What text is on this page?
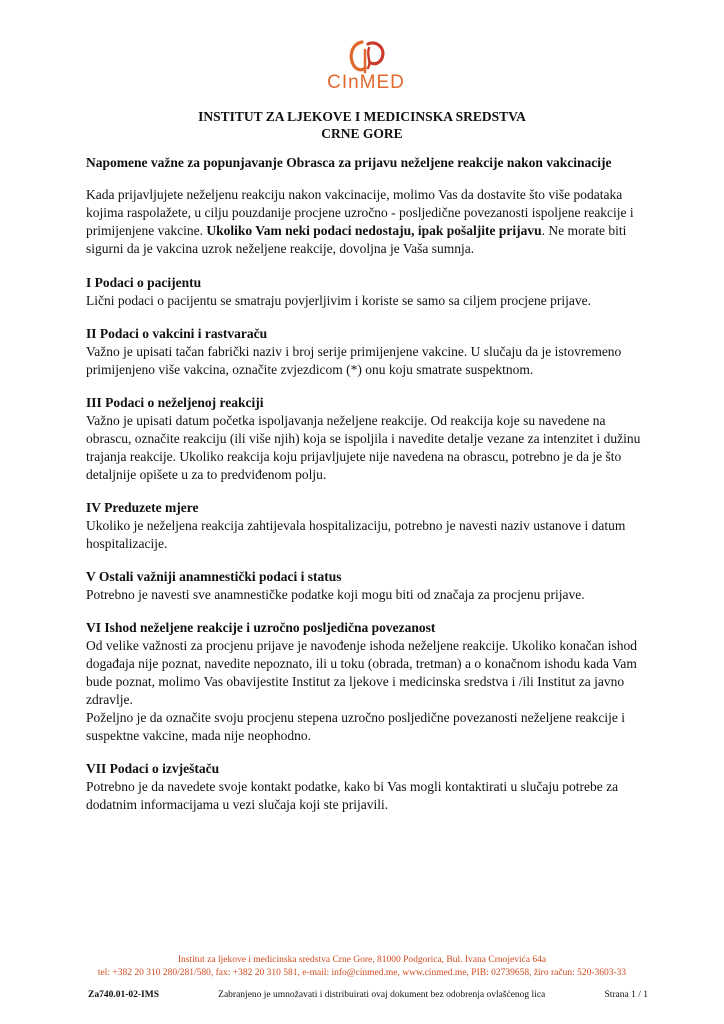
CInMED
INSTITUT ZA LJEKOVE I MEDICINSKA SREDSTVA
CRNE GORE
Napomene važne za popunjavanje Obrasca za prijavu neželjene reakcije nakon vakcinacije

Kada prijavljujete neželjenu reakciju nakon vakcinacije, molimo Vas da dostavite što više podataka kojima raspolažete, u cilju pouzdanije procjene uzročno - posljedične povezanosti ispoljene reakcije i primijenjene vakcine. Ukoliko Vam neki podaci nedostaju, ipak pošaljite prijavu. Ne morate biti sigurni da je vakcina uzrok neželjene reakcije, dovoljna je Vaša sumnja.

I Podaci o pacijentu

Lični podaci o pacijentu se smatraju povjerljivim i koriste se samo sa ciljem procjene prijave.

II Podaci o vakcini i rastvaraču

Važno je upisati tačan fabrički naziv i broj serije primijenjene vakcine. U slučaju da je istovremeno primijenjeno više vakcina, označite zvjezdicom (*) onu koju smatrate suspektnom.

III Podaci o neželjenoj reakciji

Važno je upisati datum početka ispoljavanja neželjene reakcije. Od reakcija koje su navedene na obrascu, označite reakciju (ili više njih) koja se ispoljila i navedite detalje vezane za intenzitet i dužinu trajanja reakcije. Ukoliko reakcija koju prijavljujete nije navedena na obrascu, potrebno je da je što detaljnije opišete u za to predviđenom polju.

IV Preduzete mjere

Ukoliko je neželjena reakcija zahtijevala hospitalizaciju, potrebno je navesti naziv ustanove i datum hospitalizacije.

V Ostali važniji anamnestički podaci i status

Potrebno je navesti sve anamnestičke podatke koji mogu biti od značaja za procjenu prijave.

VI Ishod neželjene reakcije i uzročno posljedična povezanost

Od velike važnosti za procjenu prijave je navođenje ishoda neželjene reakcije. Ukoliko konačan ishod događaja nije poznat, navedite nepoznato, ili u toku (obrada, tretman) a o konačnom ishodu kada Vam bude poznat, molimo Vas obavijestite Institut za ljekove i medicinska sredstva i /ili Institut za javno zdravlje.

Poželjno je da označite svoju procjenu stepena uzročno posljedične povezanosti neželjene reakcije i suspektne vakcine, mada nije neophodno.

VII Podaci o izvještaču

Potrebno je da navedete svoje kontakt podatke, kako bi Vas mogli kontaktirati u slučaju potrebe za dodatnim informacijama u vezi slučaja koji ste prijavili.

Institut za ljekove i medicinska sredstva Crne Gore, 81000 Podgorica, Bul. Ivana Crnojevića 64a
tel: +382 20 310 280/281/580, fax: +382 20 310 581, e-mail: info@cinmed.me, www.cinmed.me, PIB: 02739658, žiro račun: 520-3603-33
Za740.01-02-IMS	Zabranjeno je umnožavati i distribuirati ovaj dokument bez odobrenja ovlašćenog lica	Strana 1 / 1
